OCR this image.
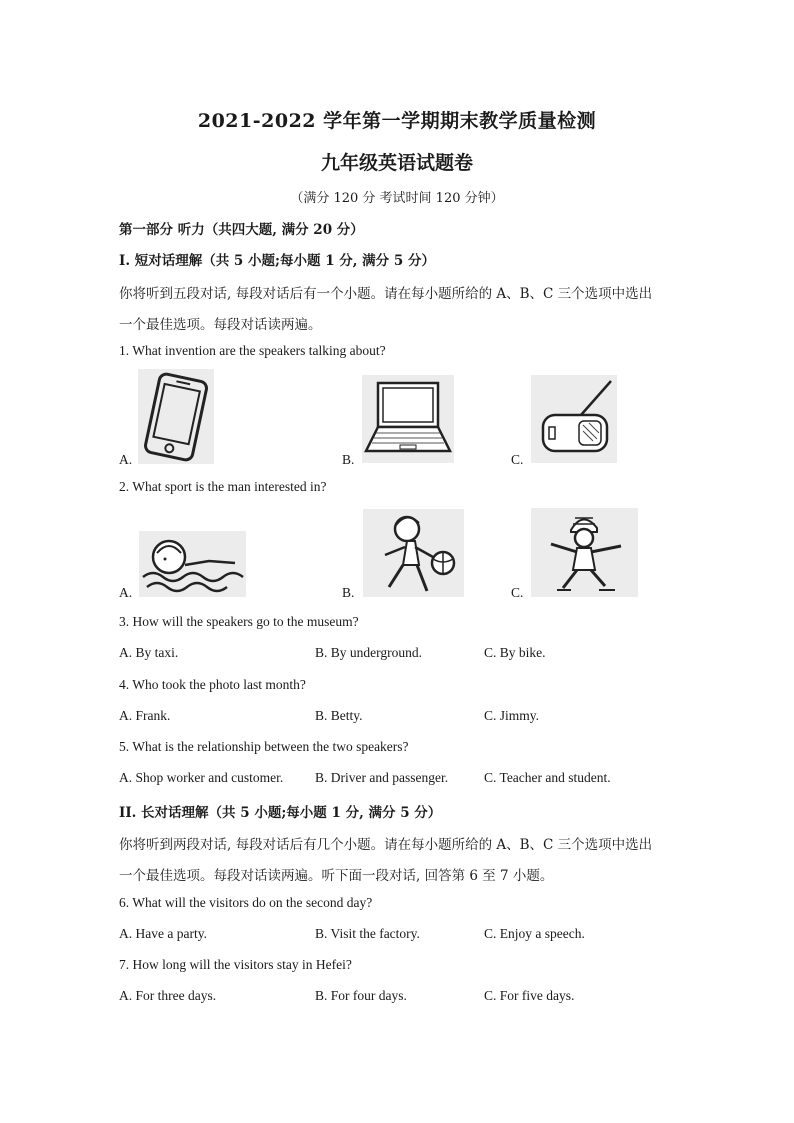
2021-2022 学年第一学期期末教学质量检测
九年级英语试题卷
（满分 120 分 考试时间 120 分钟）
第一部分 听力（共四大题, 满分 20 分）
I. 短对话理解（共 5 小题;每小题 1 分, 满分 5 分）
你将听到五段对话, 每段对话后有一个小题。请在每小题所给的 A、B、C 三个选项中选出
一个最佳选项。每段对话读两遍。
1. What invention are the speakers talking about?
A.	B.	C.
2. What sport is the man interested in?
A.	B.	C.
3. How will the speakers go to the museum?
A. By taxi.	B. By underground.	C. By bike.
4. Who took the photo last month?
A. Frank.	B. Betty.	C. Jimmy.
5. What is the relationship between the two speakers?
A. Shop worker and customer. B. Driver and passenger.	C. Teacher and student.
II. 长对话理解（共 5 小题;每小题 1 分, 满分 5 分）
你将听到两段对话, 每段对话后有几个小题。请在每小题所给的 A、B、C 三个选项中选出
一个最佳选项。每段对话读两遍。听下面一段对话, 回答第 6 至 7 小题。
6. What will the visitors do on the second day?
A. Have a party.	B. Visit the factory.	C. Enjoy a speech.
7. How long will the visitors stay in Hefei?
A. For three days.	B. For four days.	C. For five days.
